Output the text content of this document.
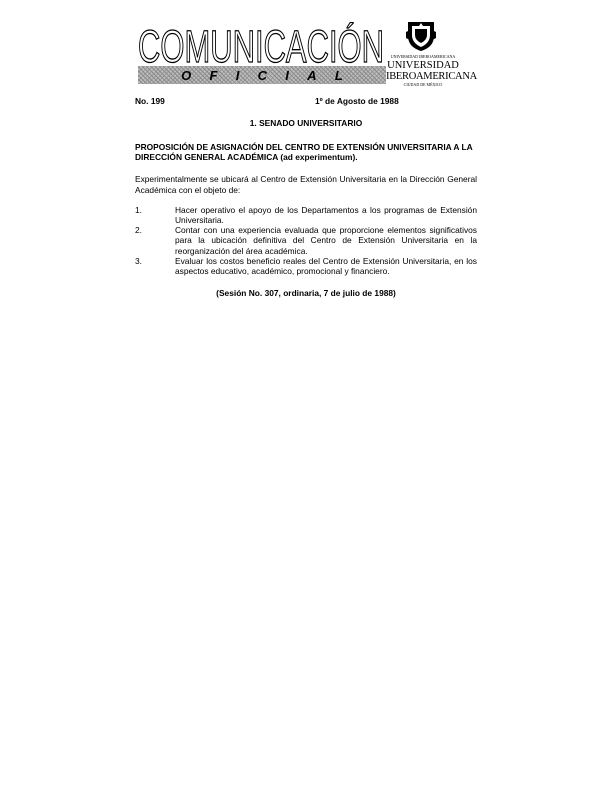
COMUNICACIÓN
O F I C I A L
UNIVERSIDAD IBEROAMERICANA
UNIVERSIDAD
IBEROAMERICANA
CIUDAD DE MÉXICO
No. 199	1º de Agosto de 1988
1. SENADO UNIVERSITARIO
PROPOSICIÓN DE ASIGNACIÓN DEL CENTRO DE EXTENSIÓN UNIVERSITARIA A LA DIRECCIÓN GENERAL ACADÉMICA (ad experimentum).
Experimentalmente se ubicará al Centro de Extensión Universitaria en la Dirección General Académica con el objeto de:
1.	Hacer operativo el apoyo de los Departamentos a los programas de Extensión Universitaria.
2.	Contar con una experiencia evaluada que proporcione elementos significativos para la ubicación definitiva del Centro de Extensión Universitaria en la reorganización del área académica.
3.	Evaluar los costos beneficio reales del Centro de Extensión Universitaria, en los aspectos educativo, académico, promocional y financiero.
(Sesión No. 307, ordinaria, 7 de julio de 1988)
